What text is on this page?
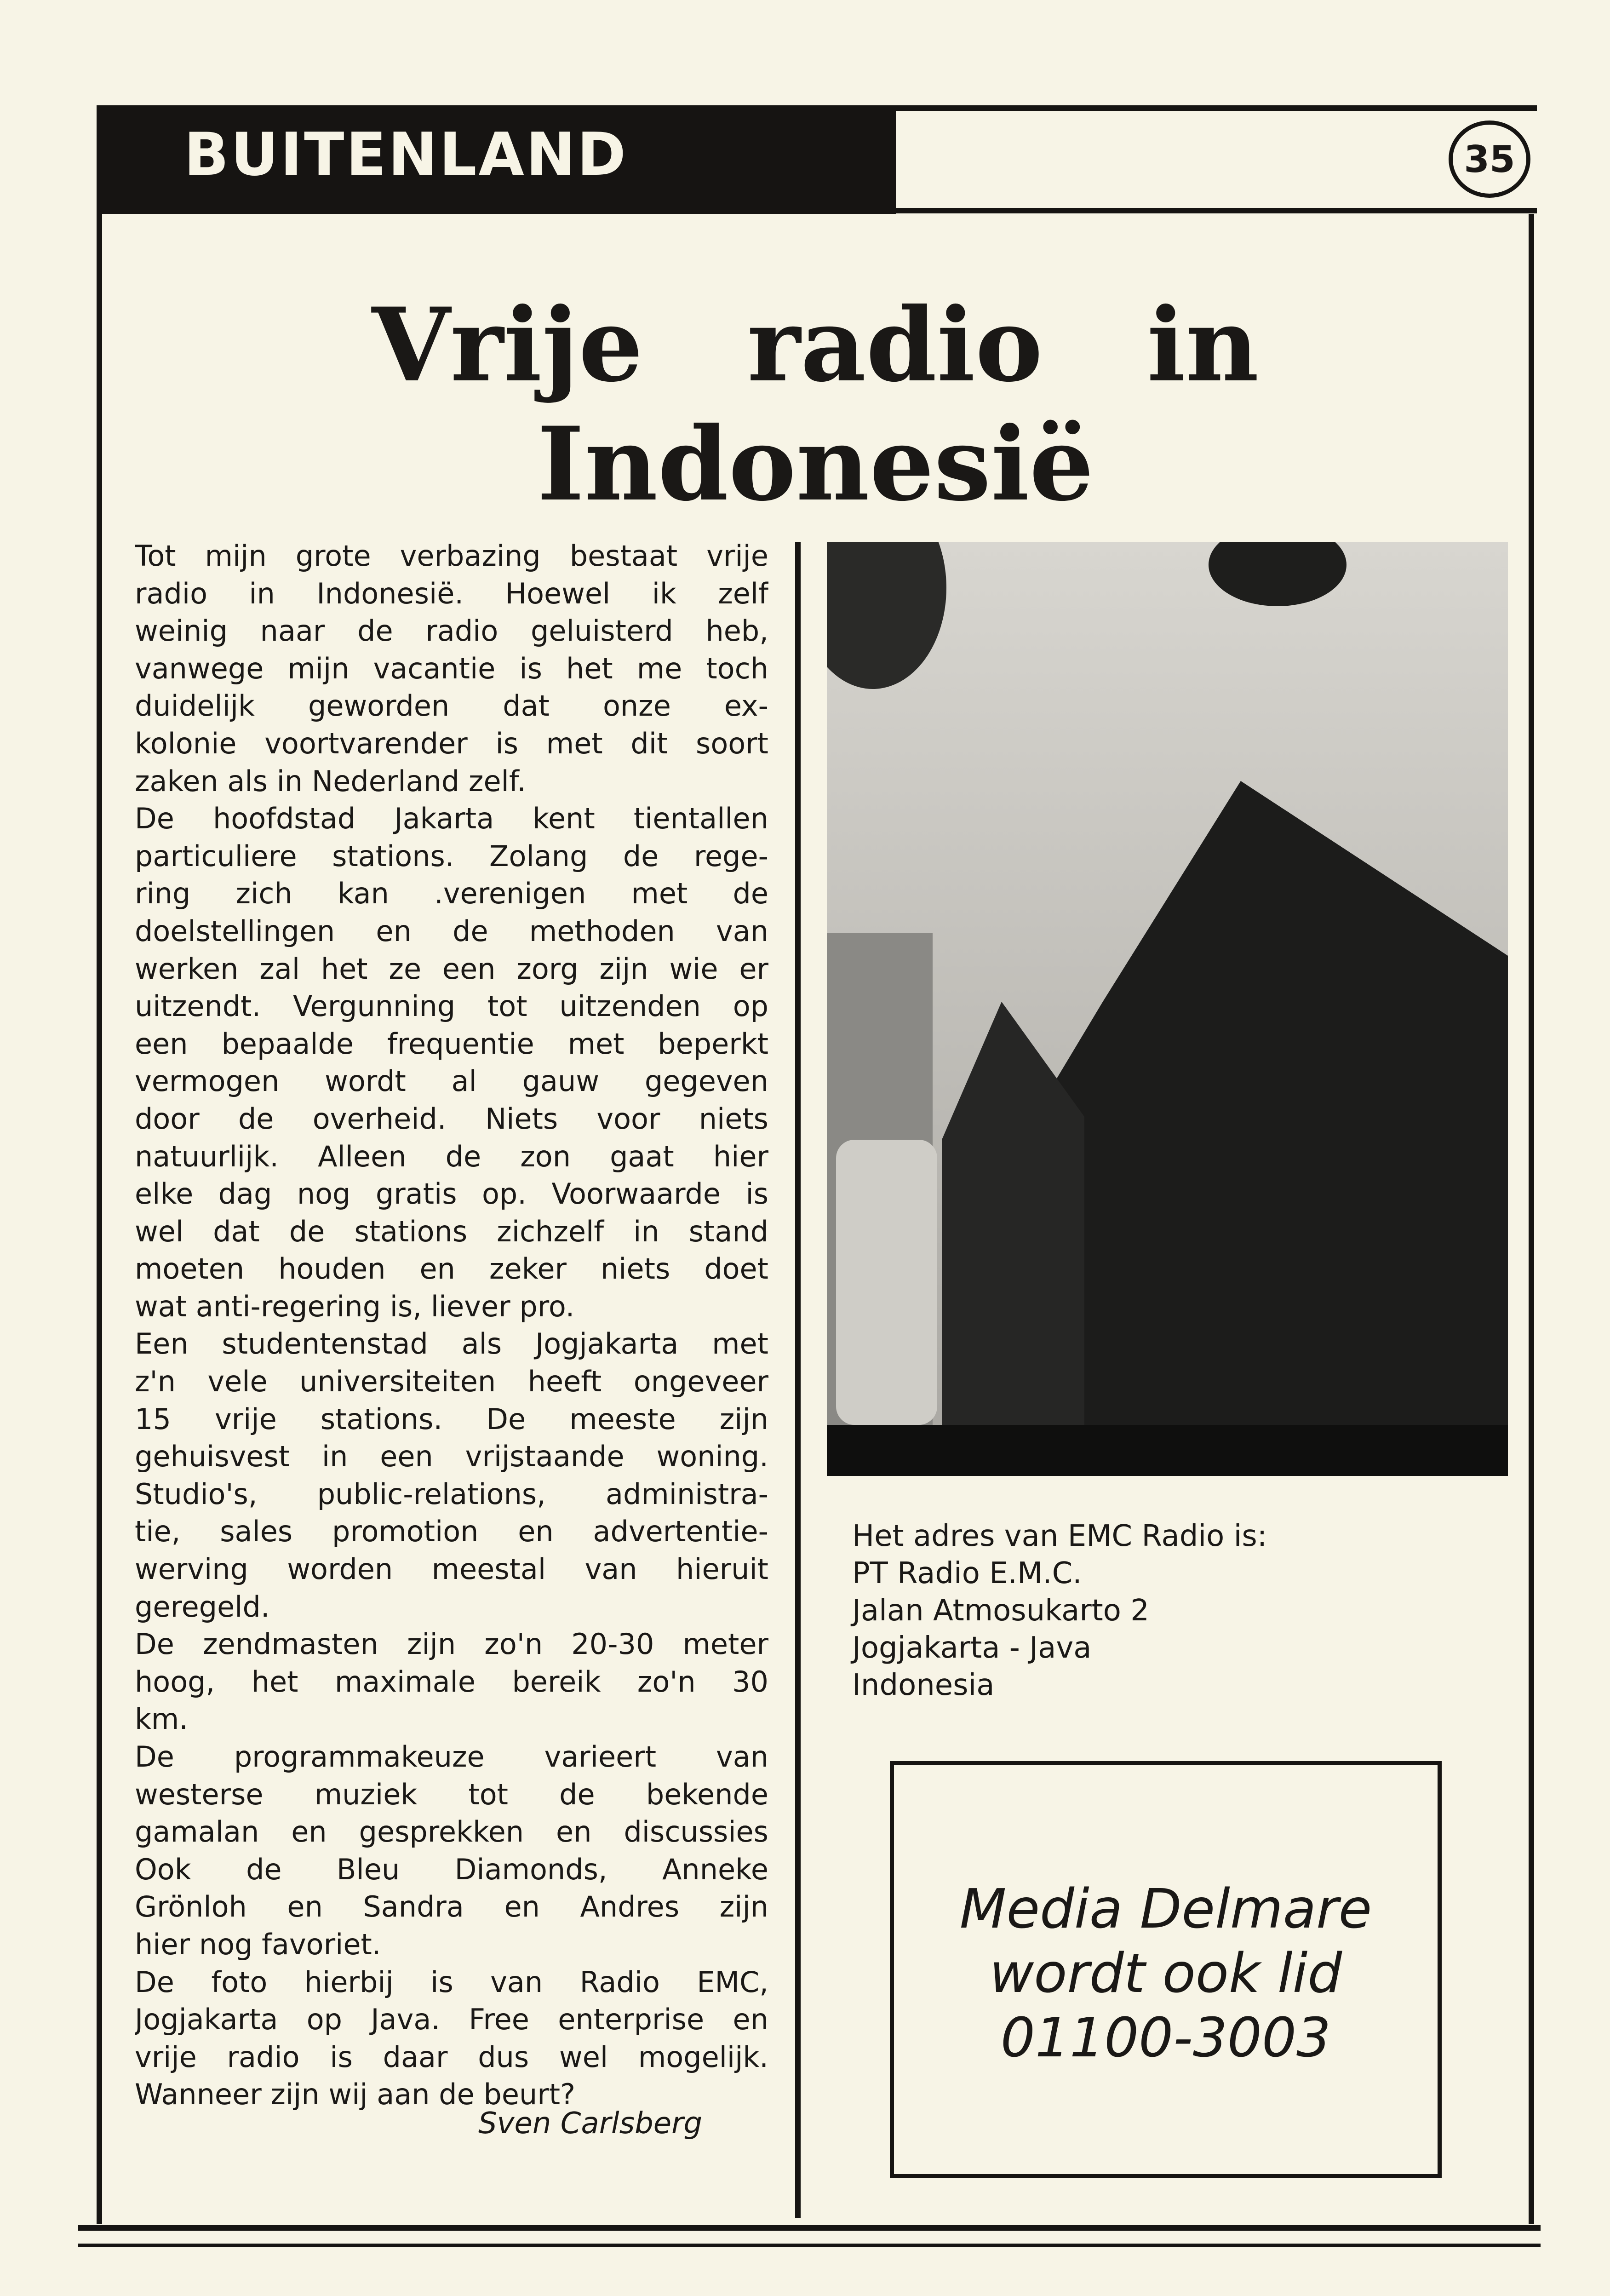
BUITENLAND	35
Vrije radio in Indonesië
Tot mijn grote verbazing bestaat vrije
radio in Indonesië. Hoewel ik zelf
weinig naar de radio geluisterd heb,
vanwege mijn vacantie is het me toch
duidelijk geworden dat onze ex-
kolonie voortvarender is met dit soort
zaken als in Nederland zelf.
De hoofdstad Jakarta kent tientallen
particuliere stations. Zolang de rege-
ring zich kan .verenigen met de
doelstellingen en de methoden van
werken zal het ze een zorg zijn wie er
uitzendt. Vergunning tot uitzenden op
een bepaalde frequentie met beperkt
vermogen wordt al gauw gegeven
door de overheid. Niets voor niets
natuurlijk. Alleen de zon gaat hier
elke dag nog gratis op. Voorwaarde is
wel dat de stations zichzelf in stand
moeten houden en zeker niets doet
wat anti-regering is, liever pro.
Een studentenstad als Jogjakarta met
z'n vele universiteiten heeft ongeveer
15 vrije stations. De meeste zijn
gehuisvest in een vrijstaande woning.
Studio's, public-relations, administra-
tie, sales promotion en advertentie-
werving worden meestal van hieruit
geregeld.
De zendmasten zijn zo'n 20-30 meter
hoog, het maximale bereik zo'n 30
km.
De programmakeuze varieert van
westerse muziek tot de bekende
gamalan en gesprekken en discussies
Ook de Bleu Diamonds, Anneke
Grönloh en Sandra en Andres zijn
hier nog favoriet.
De foto hierbij is van Radio EMC,
Jogjakarta op Java. Free enterprise en
vrije radio is daar dus wel mogelijk.
Wanneer zijn wij aan de beurt?
Sven Carlsberg
Het adres van EMC Radio is:
PT Radio E.M.C.
Jalan Atmosukarto 2
Jogjakarta - Java
Indonesia
Media Delmare
wordt ook lid
01100-3003
